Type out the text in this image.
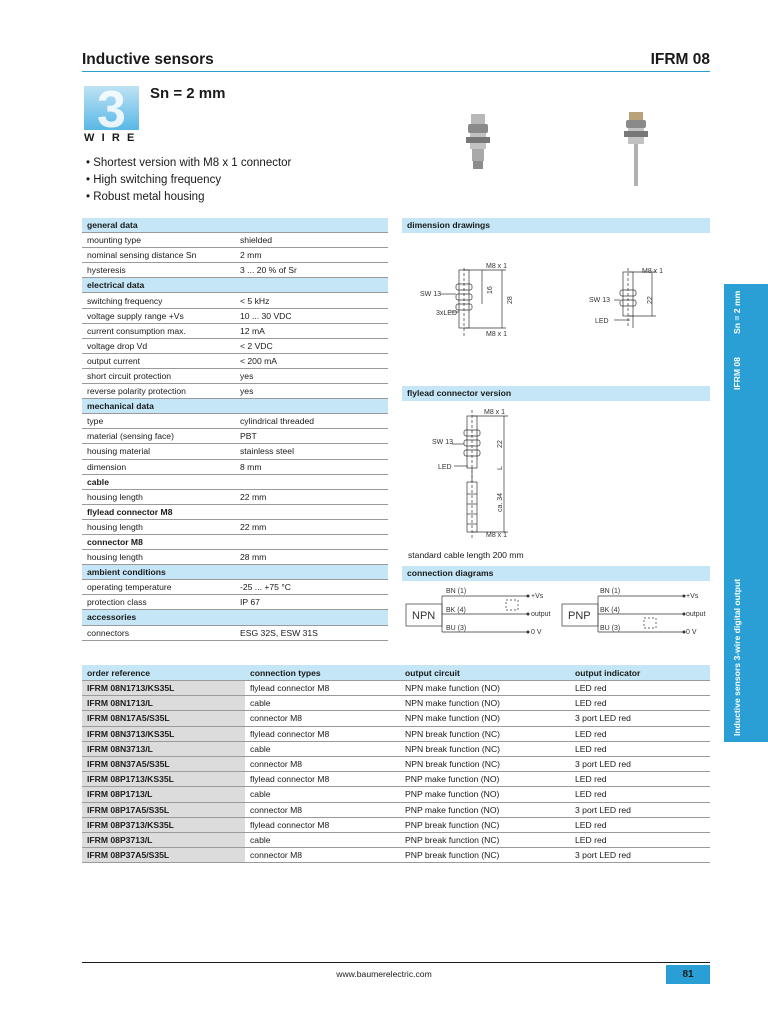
Inductive sensors	IFRM 08
3
WIRE
Sn = 2 mm
• Shortest version with M8 x 1 connector
• High switching frequency
• Robust metal housing
general data	
mounting type	shielded
nominal sensing distance Sn	2 mm
hysteresis	3 ... 20 % of Sr
electrical data	
switching frequency	< 5 kHz
voltage supply range +Vs	10 ... 30 VDC
current consumption max.	12 mA
voltage drop Vd	< 2 VDC
output current	< 200 mA
short circuit protection	yes
reverse polarity protection	yes
mechanical data	
type	cylindrical threaded
material (sensing face)	PBT
housing material	stainless steel
dimension	8 mm
cable	
housing length	22 mm
flylead connector M8	
housing length	22 mm
connector M8	
housing length	28 mm
ambient conditions	
operating temperature	-25 ... +75 °C
protection class	IP 67
accessories	
connectors	ESG 32S, ESW 31S
dimension drawings
M8 x 1
SW 13
3xLED
M8 x 1
16
28
M8 x 1
SW 13
LED
22
flylead connector version
M8 x 1
SW 13
LED
22
L
ca. 34
M8 x 1
standard cable length 200 mm
connection diagrams
NPN
BN (1)
BK (4)
BU (3)
+Vs
output
0 V
PNP
BN (1)
BK (4)
BU (3)
+Vs
output
0 V
order reference	connection types	output circuit	output indicator
IFRM 08N1713/KS35L	flylead connector M8	NPN make function (NO)	LED red
IFRM 08N1713/L	cable	NPN make function (NO)	LED red
IFRM 08N17A5/S35L	connector M8	NPN make function (NO)	3 port LED red
IFRM 08N3713/KS35L	flylead connector M8	NPN break function (NC)	LED red
IFRM 08N3713/L	cable	NPN break function (NC)	LED red
IFRM 08N37A5/S35L	connector M8	NPN break function (NC)	3 port LED red
IFRM 08P1713/KS35L	flylead connector M8	PNP make function (NO)	LED red
IFRM 08P1713/L	cable	PNP make function (NO)	LED red
IFRM 08P17A5/S35L	connector M8	PNP make function (NO)	3 port LED red
IFRM 08P3713/KS35L	flylead connector M8	PNP break function (NC)	LED red
IFRM 08P3713/L	cable	PNP break function (NC)	LED red
IFRM 08P37A5/S35L	connector M8	PNP break function (NC)	3 port LED red
IFRM 08
Sn = 2 mm
Inductive sensors 3-wire digital output
www.baumerelectric.com	81
